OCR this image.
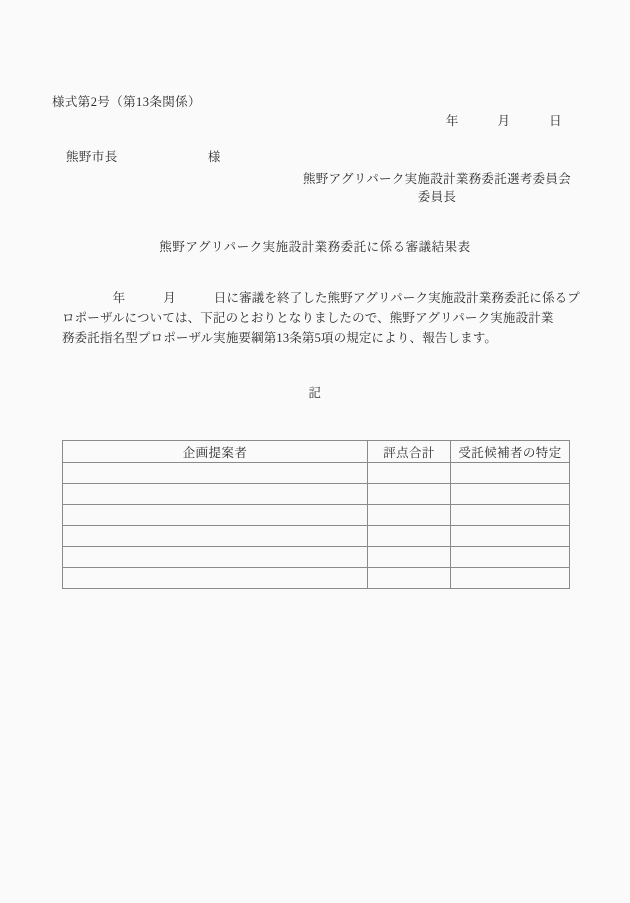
様式第2号（第13条関係）
年　　　月　　　日
熊野市長　　　　　　　様
熊野アグリパーク実施設計業務委託選考委員会
委員長
熊野アグリパーク実施設計業務委託に係る審議結果表
　　　　年　　　月　　　日に審議を終了した熊野アグリパーク実施設計業務委託に係るプ
ロポーザルについては、下記のとおりとなりましたので、熊野アグリパーク実施設計業
務委託指名型プロポーザル実施要綱第13条第5項の規定により、報告します。
記
企画提案者	評点合計	受託候補者の特定
